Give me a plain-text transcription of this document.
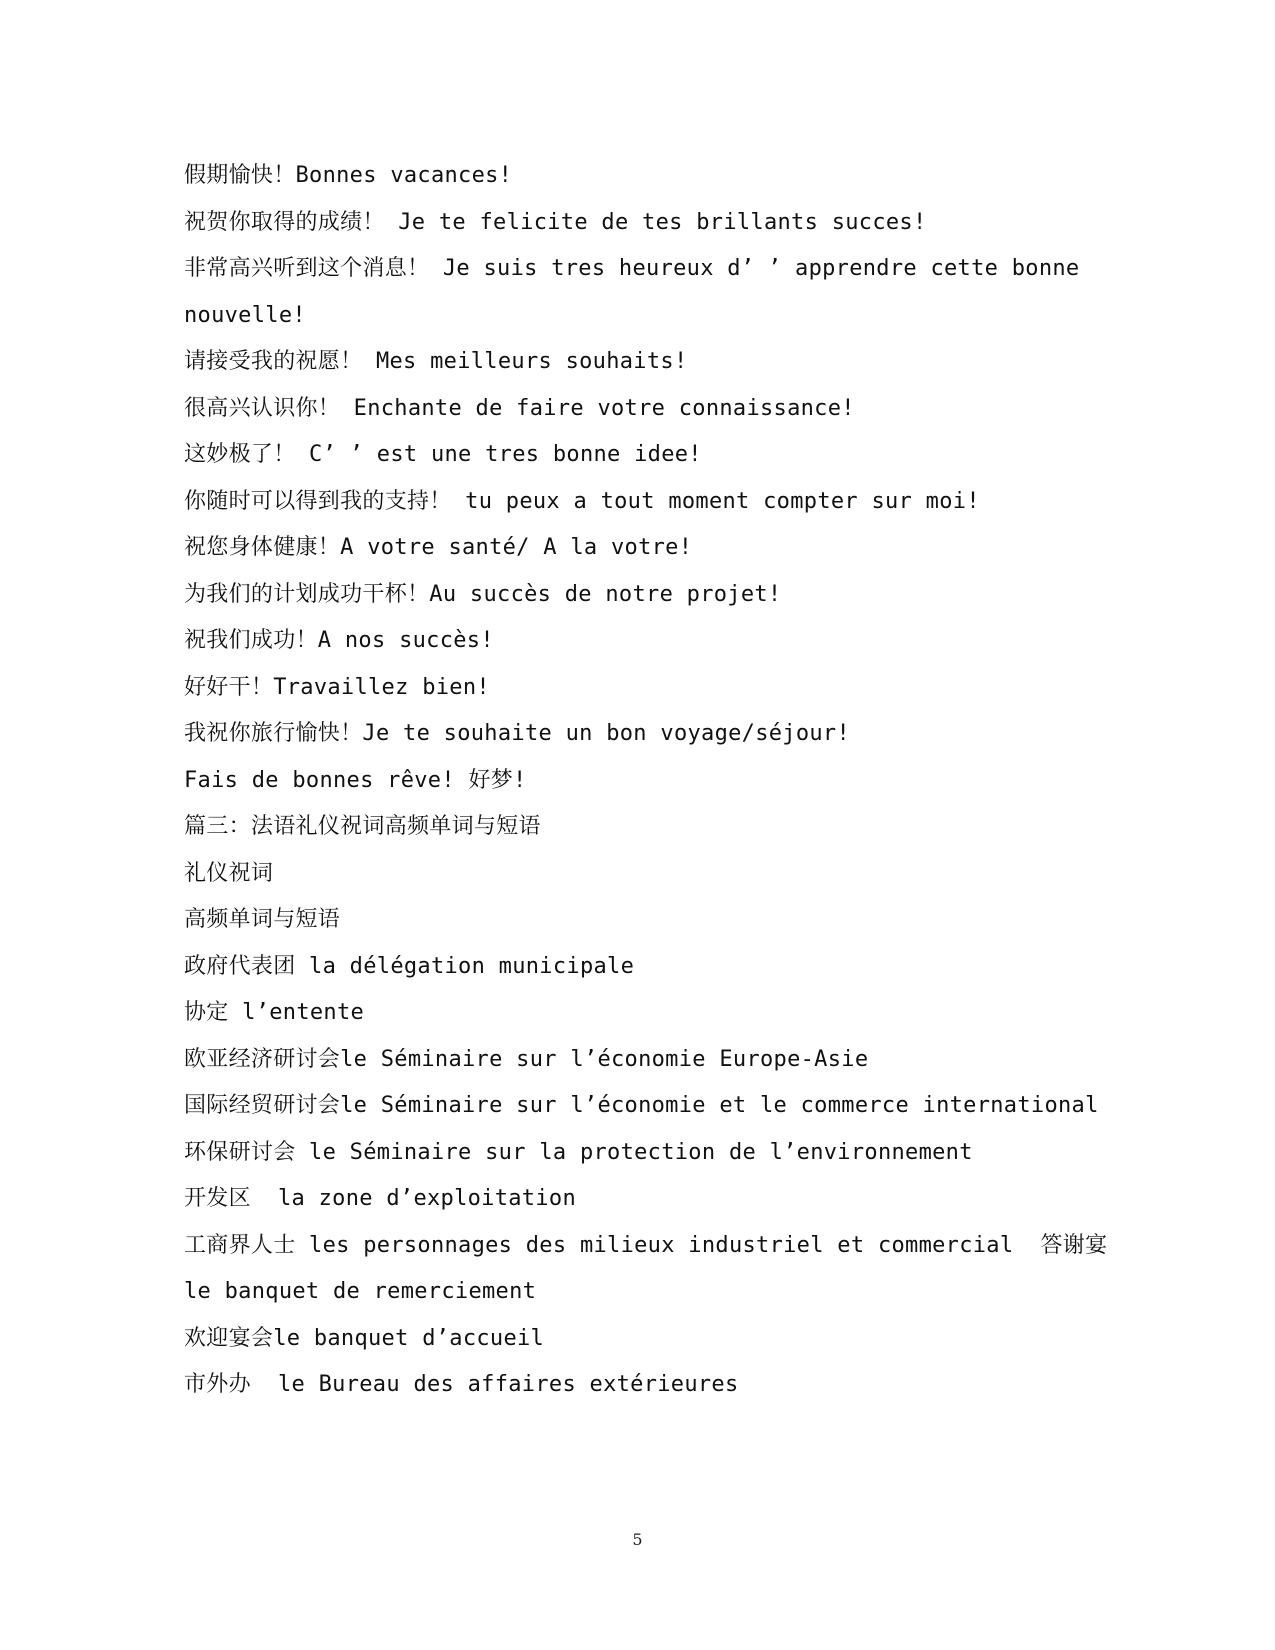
假期愉快！Bonnes vacances!
祝贺你取得的成绩！ Je te felicite de tes brillants succes!
非常高兴听到这个消息！ Je suis tres heureux d’ ’ apprendre cette bonne
nouvelle!
请接受我的祝愿！ Mes meilleurs souhaits!
很高兴认识你！ Enchante de faire votre connaissance!
这妙极了！ C’ ’ est une tres bonne idee!
你随时可以得到我的支持！ tu peux a tout moment compter sur moi!
祝您身体健康！A votre santé/ A la votre!
为我们的计划成功干杯！Au succès de notre projet!
祝我们成功！A nos succès!
好好干！Travaillez bien!
我祝你旅行愉快！Je te souhaite un bon voyage/séjour!
Fais de bonnes rêve! 好梦!
篇三：法语礼仪祝词高频单词与短语
礼仪祝词
高频单词与短语
政府代表团 la délégation municipale
协定 l’entente
欧亚经济研讨会le Séminaire sur l’économie Europe-Asie
国际经贸研讨会le Séminaire sur l’économie et le commerce international
环保研讨会 le Séminaire sur la protection de l’environnement
开发区  la zone d’exploitation
工商界人士 les personnages des milieux industriel et commercial  答谢宴
le banquet de remerciement
欢迎宴会le banquet d’accueil
市外办  le Bureau des affaires extérieures
5
